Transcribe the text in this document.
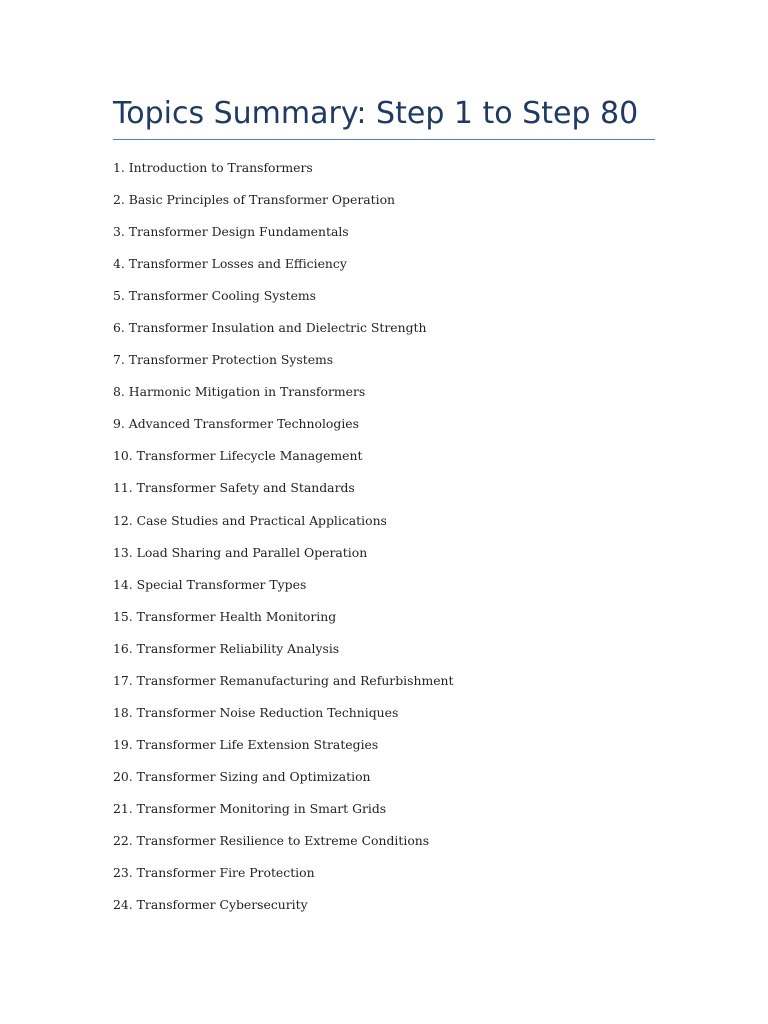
Topics Summary: Step 1 to Step 80
1. Introduction to Transformers
2. Basic Principles of Transformer Operation
3. Transformer Design Fundamentals
4. Transformer Losses and Efficiency
5. Transformer Cooling Systems
6. Transformer Insulation and Dielectric Strength
7. Transformer Protection Systems
8. Harmonic Mitigation in Transformers
9. Advanced Transformer Technologies
10. Transformer Lifecycle Management
11. Transformer Safety and Standards
12. Case Studies and Practical Applications
13. Load Sharing and Parallel Operation
14. Special Transformer Types
15. Transformer Health Monitoring
16. Transformer Reliability Analysis
17. Transformer Remanufacturing and Refurbishment
18. Transformer Noise Reduction Techniques
19. Transformer Life Extension Strategies
20. Transformer Sizing and Optimization
21. Transformer Monitoring in Smart Grids
22. Transformer Resilience to Extreme Conditions
23. Transformer Fire Protection
24. Transformer Cybersecurity
